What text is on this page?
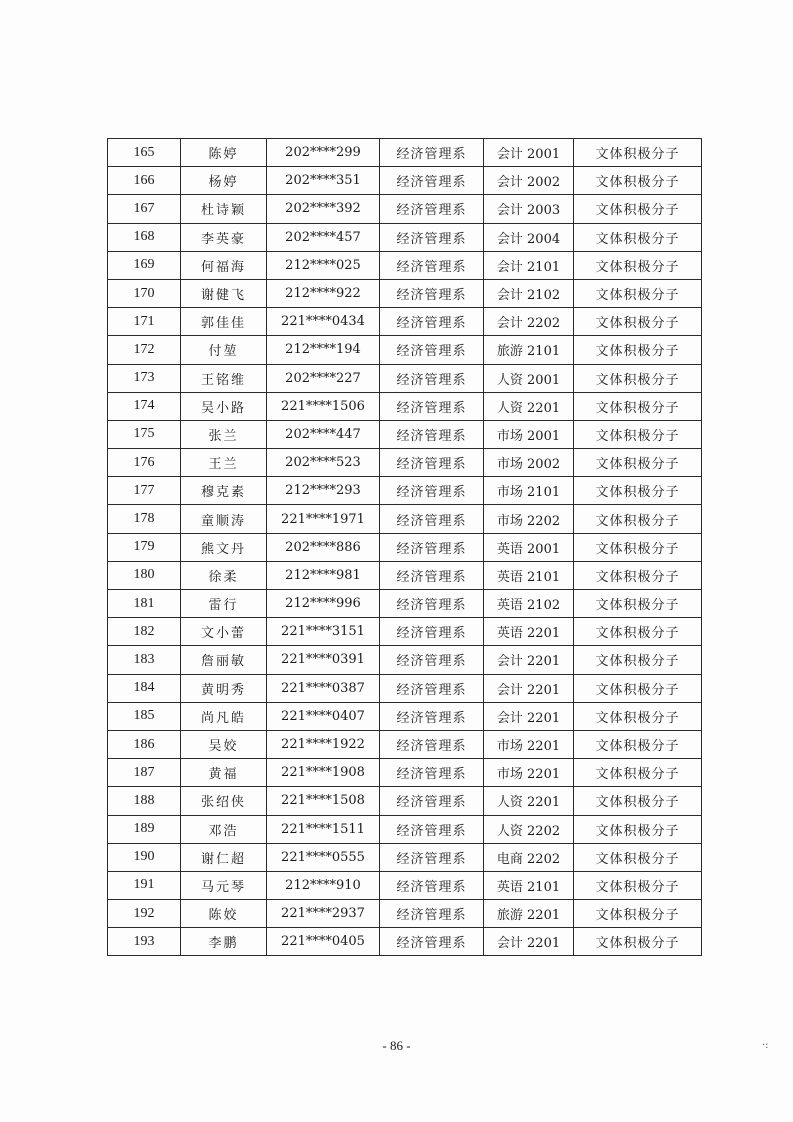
165	陈婷	202****299	经济管理系	会计 2001	文体积极分子
166	杨婷	202****351	经济管理系	会计 2002	文体积极分子
167	杜诗颖	202****392	经济管理系	会计 2003	文体积极分子
168	李英豪	202****457	经济管理系	会计 2004	文体积极分子
169	何福海	212****025	经济管理系	会计 2101	文体积极分子
170	谢健飞	212****922	经济管理系	会计 2102	文体积极分子
171	郭佳佳	221****0434	经济管理系	会计 2202	文体积极分子
172	付堃	212****194	经济管理系	旅游 2101	文体积极分子
173	王铭维	202****227	经济管理系	人资 2001	文体积极分子
174	吴小路	221****1506	经济管理系	人资 2201	文体积极分子
175	张兰	202****447	经济管理系	市场 2001	文体积极分子
176	王兰	202****523	经济管理系	市场 2002	文体积极分子
177	穆克素	212****293	经济管理系	市场 2101	文体积极分子
178	童顺涛	221****1971	经济管理系	市场 2202	文体积极分子
179	熊文丹	202****886	经济管理系	英语 2001	文体积极分子
180	徐柔	212****981	经济管理系	英语 2101	文体积极分子
181	雷行	212****996	经济管理系	英语 2102	文体积极分子
182	文小蕾	221****3151	经济管理系	英语 2201	文体积极分子
183	詹丽敏	221****0391	经济管理系	会计 2201	文体积极分子
184	黄明秀	221****0387	经济管理系	会计 2201	文体积极分子
185	尚凡皓	221****0407	经济管理系	会计 2201	文体积极分子
186	吴姣	221****1922	经济管理系	市场 2201	文体积极分子
187	黄福	221****1908	经济管理系	市场 2201	文体积极分子
188	张绍侠	221****1508	经济管理系	人资 2201	文体积极分子
189	邓浩	221****1511	经济管理系	人资 2202	文体积极分子
190	谢仁超	221****0555	经济管理系	电商 2202	文体积极分子
191	马元琴	212****910	经济管理系	英语 2101	文体积极分子
192	陈姣	221****2937	经济管理系	旅游 2201	文体积极分子
193	李鹏	221****0405	经济管理系	会计 2201	文体积极分子
- 86 -	·:
